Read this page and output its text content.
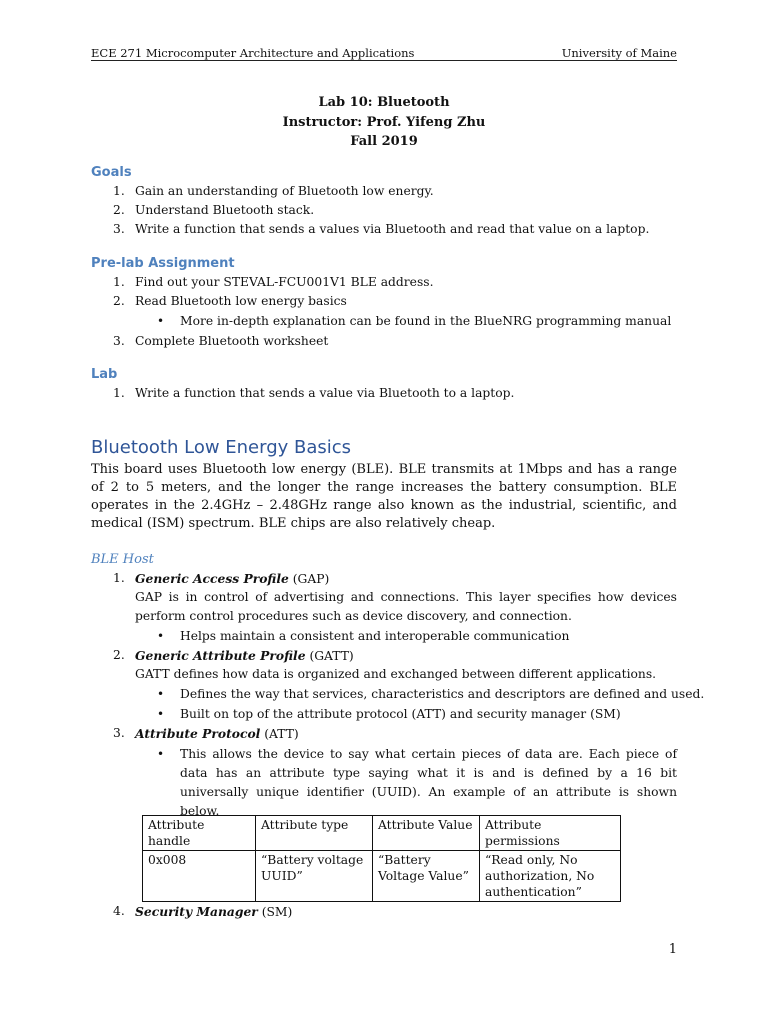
ECE 271 Microcomputer Architecture and Applications	University of Maine
Lab 10: Bluetooth
Instructor: Prof. Yifeng Zhu
Fall 2019
Goals
1. Gain an understanding of Bluetooth low energy.
2. Understand Bluetooth stack.
3. Write a function that sends a values via Bluetooth and read that value on a laptop.
Pre-lab Assignment
1. Find out your STEVAL-FCU001V1 BLE address.
2. Read Bluetooth low energy basics
• More in-depth explanation can be found in the BlueNRG programming manual
3. Complete Bluetooth worksheet
Lab
1. Write a function that sends a value via Bluetooth to a laptop.
Bluetooth Low Energy Basics
This board uses Bluetooth low energy (BLE). BLE transmits at 1Mbps and has a range of 2 to 5 meters, and the longer the range increases the battery consumption. BLE operates in the 2.4GHz – 2.48GHz range also known as the industrial, scientific, and medical (ISM) spectrum. BLE chips are also relatively cheap.
BLE Host
1. Generic Access Profile (GAP)
GAP is in control of advertising and connections. This layer specifies how devices perform control procedures such as device discovery, and connection.
• Helps maintain a consistent and interoperable communication
2. Generic Attribute Profile (GATT)
GATT defines how data is organized and exchanged between different applications.
• Defines the way that services, characteristics and descriptors are defined and used.
• Built on top of the attribute protocol (ATT) and security manager (SM)
3. Attribute Protocol (ATT)
• This allows the device to say what certain pieces of data are. Each piece of data has an attribute type saying what it is and is defined by a 16 bit universally unique identifier (UUID). An example of an attribute is shown below.
Attribute handle	Attribute type	Attribute Value	Attribute permissions
0x008	“Battery voltage UUID”	“Battery Voltage Value”	“Read only, No authorization, No authentication”
4. Security Manager (SM)
1
